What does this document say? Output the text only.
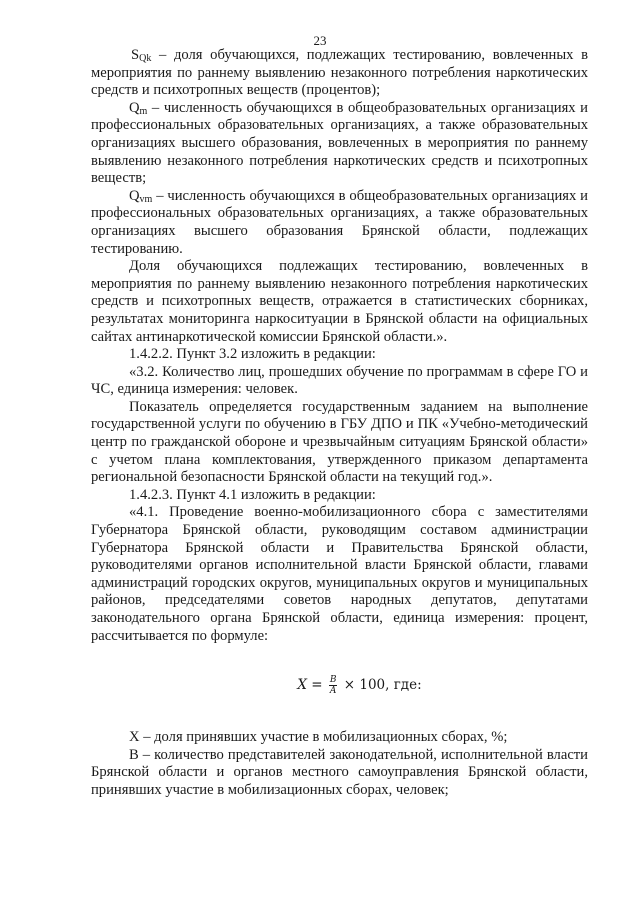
23

$S_{Qk}$ – доля обучающихся, подлежащих тестированию, вовлеченных в мероприятия по раннему выявлению незаконного потребления наркотических средств и психотропных веществ (процентов);

$Q_m$ – численность обучающихся в общеобразовательных организациях и профессиональных образовательных организациях, а также образовательных организациях высшего образования, вовлеченных в мероприятия по раннему выявлению незаконного потребления наркотических средств и психотропных веществ;

$Q_{vm}$ – численность обучающихся в общеобразовательных организациях и профессиональных образовательных организациях, а также образовательных организациях высшего образования Брянской области, подлежащих тестированию.

Доля обучающихся подлежащих тестированию, вовлеченных в мероприятия по раннему выявлению незаконного потребления наркотических средств и психотропных веществ, отражается в статистических сборниках, результатах мониторинга наркоситуации в Брянской области на официальных сайтах антинаркотической комиссии Брянской области.».

1.4.2.2. Пункт 3.2 изложить в редакции:

«3.2. Количество лиц, прошедших обучение по программам в сфере ГО и ЧС, единица измерения: человек.

Показатель определяется государственным заданием на выполнение государственной услуги по обучению в ГБУ ДПО и ПК «Учебно-методический центр по гражданской обороне и чрезвычайным ситуациям Брянской области» с учетом плана комплектования, утвержденного приказом департамента региональной безопасности Брянской области на текущий год.».

1.4.2.3. Пункт 4.1 изложить в редакции:

«4.1. Проведение военно-мобилизационного сбора с заместителями Губернатора Брянской области, руководящим составом администрации Губернатора Брянской области и Правительства Брянской области, руководителями органов исполнительной власти Брянской области, главами администраций городских округов, муниципальных округов и муниципальных районов, председателями советов народных депутатов, депутатами законодательного органа Брянской области, единица измерения: процент, рассчитывается по формуле:

$X = \frac{B}{A} \times 100$, где:

X – доля принявших участие в мобилизационных сборах, %;

B – количество представителей законодательной, исполнительной власти Брянской области и органов местного самоуправления Брянской области, принявших участие в мобилизационных сборах, человек;
